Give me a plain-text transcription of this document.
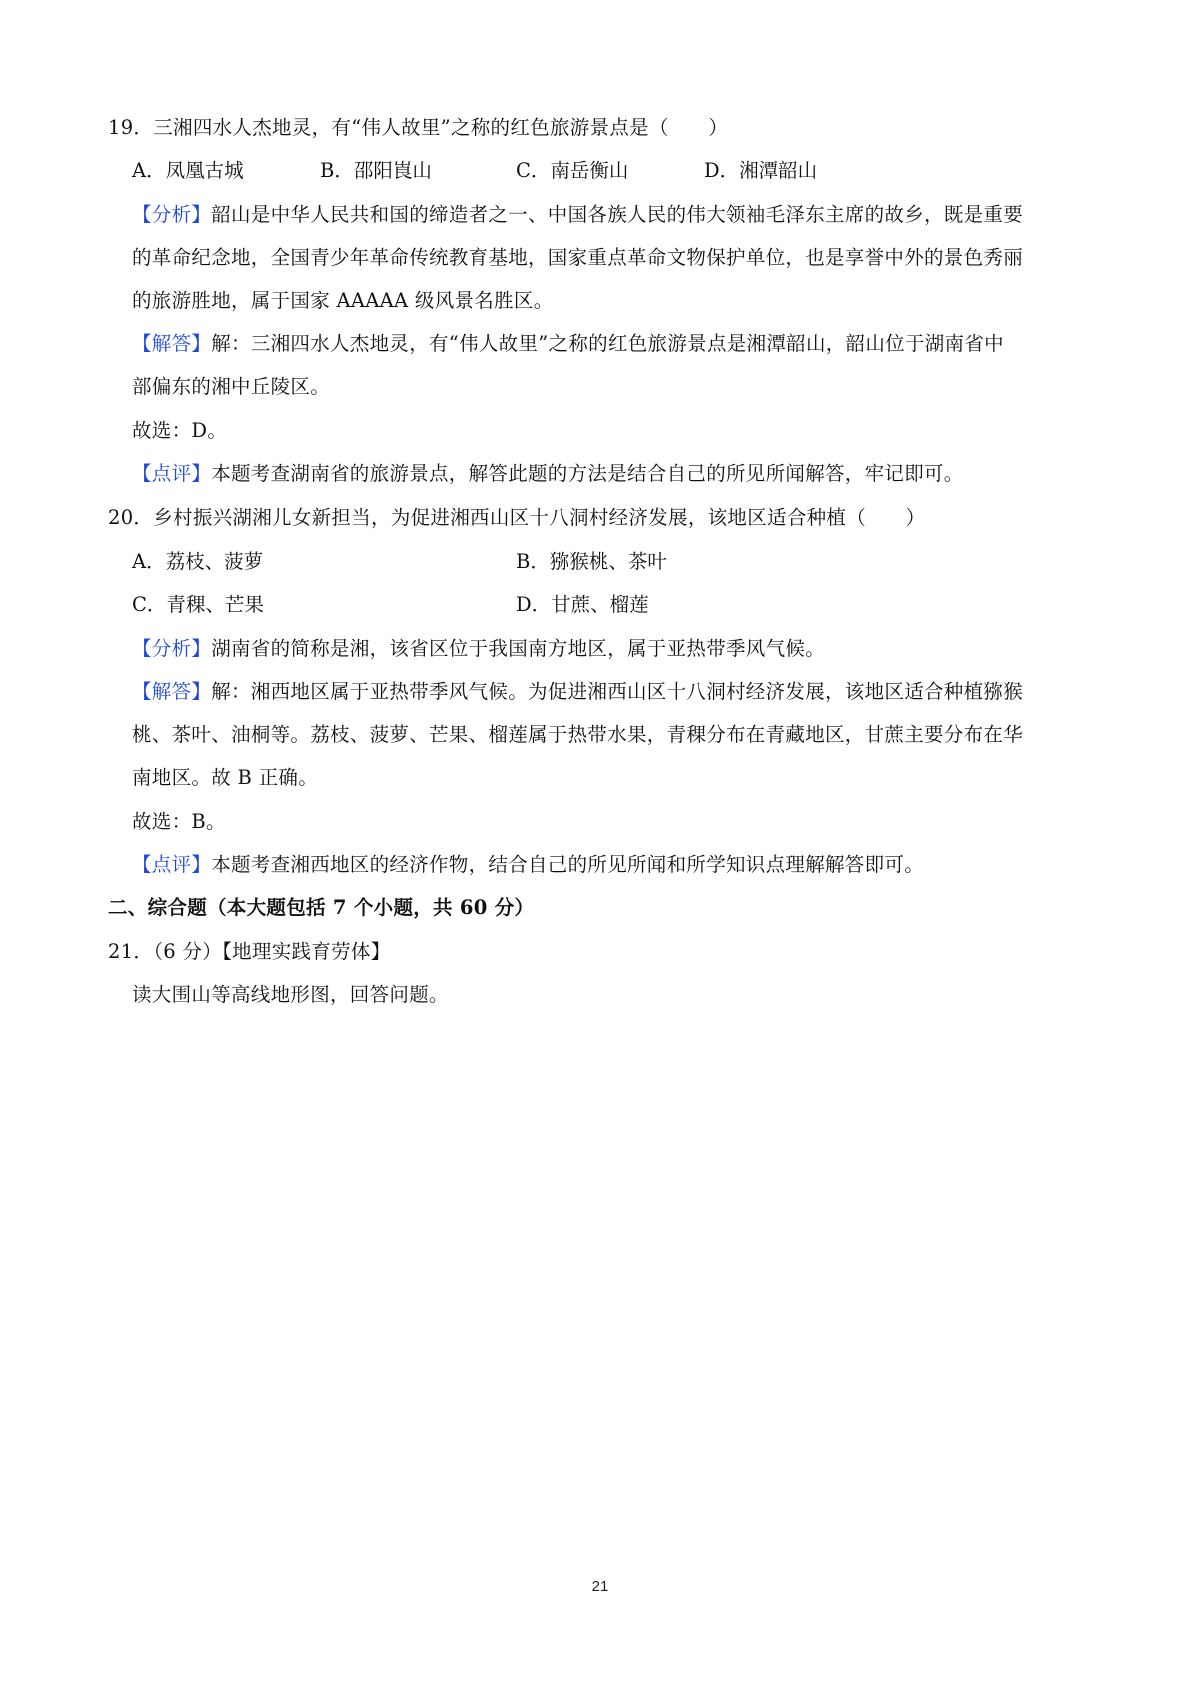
19．三湘四水人杰地灵，有“伟人故里”之称的红色旅游景点是（　　）
A．凤凰古城	B．邵阳崀山	C．南岳衡山	D．湘潭韶山
【分析】韶山是中华人民共和国的缔造者之一、中国各族人民的伟大领袖毛泽东主席的故乡，既是重要
的革命纪念地，全国青少年革命传统教育基地，国家重点革命文物保护单位，也是享誉中外的景色秀丽
的旅游胜地，属于国家 AAAAA 级风景名胜区。
【解答】解：三湘四水人杰地灵，有“伟人故里”之称的红色旅游景点是湘潭韶山，韶山位于湖南省中
部偏东的湘中丘陵区。
故选：D。
【点评】本题考查湖南省的旅游景点，解答此题的方法是结合自己的所见所闻解答，牢记即可。
20．乡村振兴湖湘儿女新担当，为促进湘西山区十八洞村经济发展，该地区适合种植（　　）
A．荔枝、菠萝	B．猕猴桃、茶叶
C．青稞、芒果	D．甘蔗、榴莲
【分析】湖南省的简称是湘，该省区位于我国南方地区，属于亚热带季风气候。
【解答】解：湘西地区属于亚热带季风气候。为促进湘西山区十八洞村经济发展，该地区适合种植猕猴
桃、茶叶、油桐等。荔枝、菠萝、芒果、榴莲属于热带水果，青稞分布在青藏地区，甘蔗主要分布在华
南地区。故 B 正确。
故选：B。
【点评】本题考查湘西地区的经济作物，结合自己的所见所闻和所学知识点理解解答即可。
二、综合题（本大题包括 7 个小题，共 60 分）
21．（6 分）【地理实践育劳体】
读大围山等高线地形图，回答问题。
21
